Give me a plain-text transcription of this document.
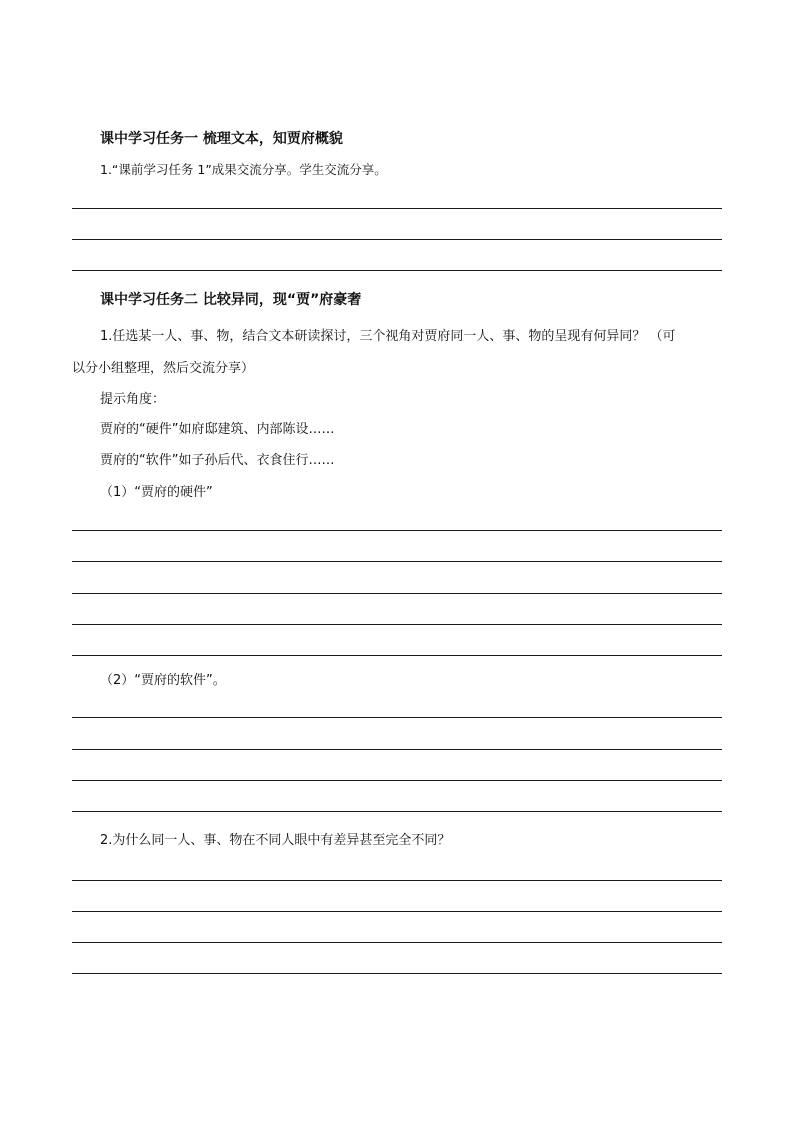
课中学习任务一 梳理文本，知贾府概貌
1.“课前学习任务 1”成果交流分享。学生交流分享。
课中学习任务二 比较异同，现“贾”府豪奢
1.任选某一人、事、物，结合文本研读探讨，三个视角对贾府同一人、事、物的呈现有何异同？ （可
以分小组整理，然后交流分享）
提示角度：
贾府的“硬件”如府邸建筑、内部陈设……
贾府的“软件”如子孙后代、衣食住行……
（1）“贾府的硬件”
（2）“贾府的软件”。
2.为什么同一人、事、物在不同人眼中有差异甚至完全不同？
